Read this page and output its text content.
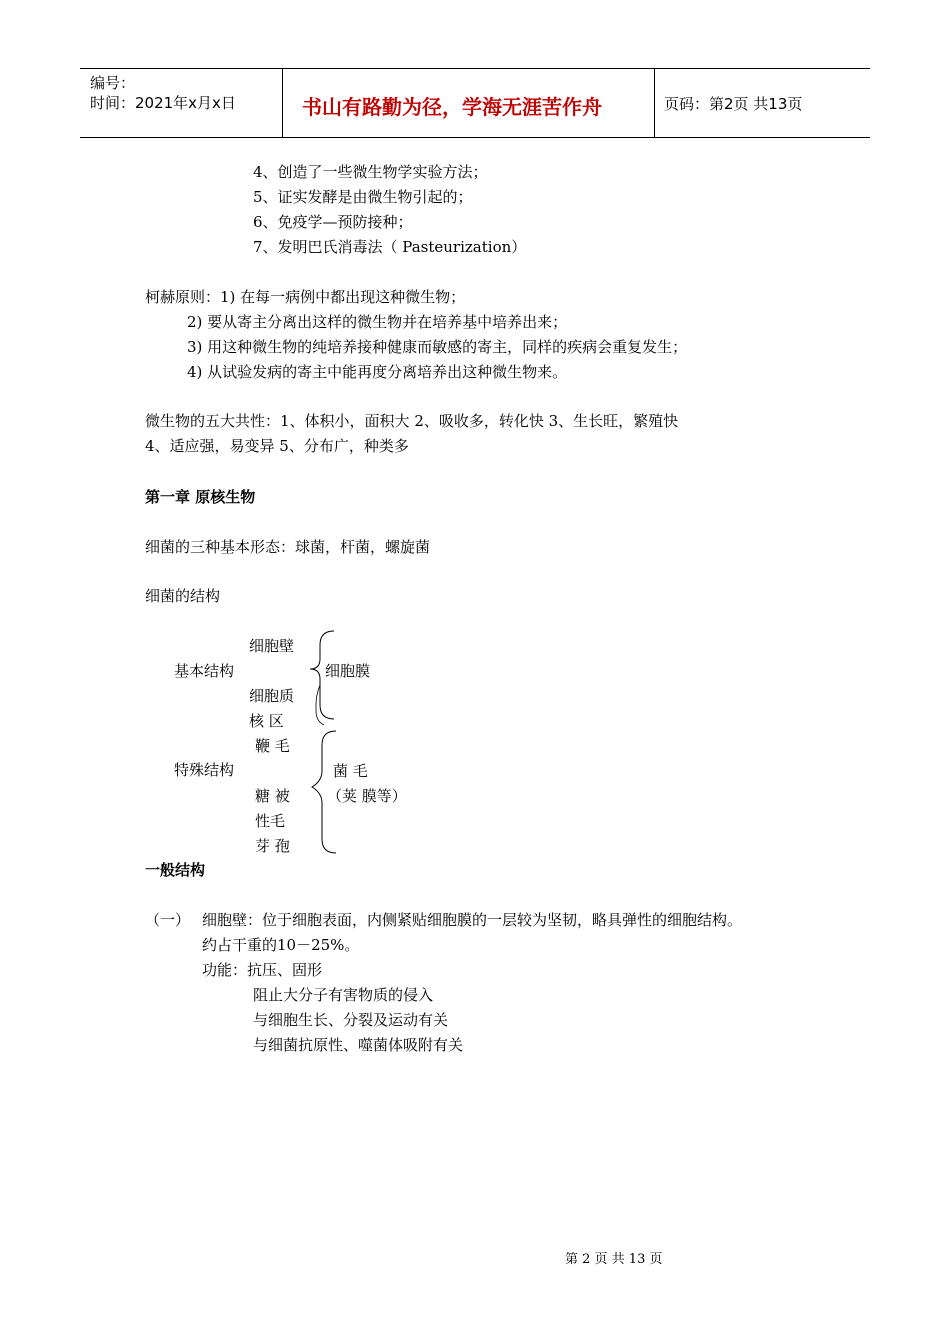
编号：
时间：2021年x月x日	书山有路勤为径，学海无涯苦作舟	页码：第2页 共13页
4、创造了一些微生物学实验方法；
5、证实发酵是由微生物引起的；
6、免疫学—预防接种；
7、发明巴氏消毒法（ Pasteurization）
柯赫原则：1) 在每一病例中都出现这种微生物；
2) 要从寄主分离出这样的微生物并在培养基中培养出来；
3) 用这种微生物的纯培养接种健康而敏感的寄主，同样的疾病会重复发生；
4) 从试验发病的寄主中能再度分离培养出这种微生物来。
微生物的五大共性：1、体积小，面积大 2、吸收多，转化快 3、生长旺，繁殖快
4、适应强，易变异 5、分布广，种类多
第一章 原核生物
细菌的三种基本形态：球菌，杆菌，螺旋菌
细菌的结构
基本结构
细胞壁
细胞膜
细胞质
核 区
特殊结构
鞭 毛
菌 毛
糖 被 （荚 膜等）
性毛
芽 孢
一般结构
（一） 细胞壁：位于细胞表面，内侧紧贴细胞膜的一层较为坚韧，略具弹性的细胞结构。
约占干重的10－25%。
功能：抗压、固形
阻止大分子有害物质的侵入
与细胞生长、分裂及运动有关
与细菌抗原性、噬菌体吸附有关
第 2 页 共 13 页
